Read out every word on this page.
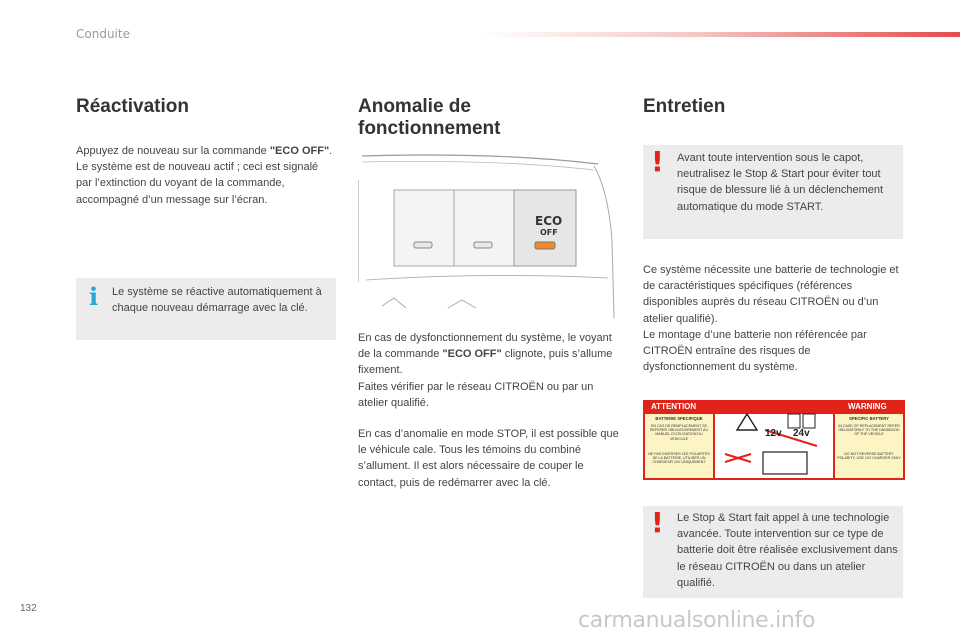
Conduite
Réactivation

Appuyez de nouveau sur la commande "ECO OFF".

Le système est de nouveau actif ; ceci est signalé par l’extinction du voyant de la commande, accompagné d’un message sur l’écran.

i Le système se réactive automatiquement à chaque nouveau démarrage avec la clé.
Anomalie de fonctionnement
ECO
OFF

En cas de dysfonctionnement du système, le voyant de la commande "ECO OFF" clignote, puis s’allume fixement.

Faites vérifier par le réseau CITROËN ou par un atelier qualifié.

En cas d’anomalie en mode STOP, il est possible que le véhicule cale. Tous les témoins du combiné s’allument. Il est alors nécessaire de couper le contact, puis de redémarrer avec la clé.

Entretien
! Avant toute intervention sous le capot, neutralisez le Stop & Start pour éviter tout risque de blessure lié à un déclenchement automatique du mode START.

Ce système nécessite une batterie de technologie et de caractéristiques spécifiques (références disponibles auprès du réseau CITROËN ou d’un atelier qualifié).

Le montage d’une batterie non référencée par CITROËN entraîne des risques de dysfonctionnement du système.

ATTENTION	WARNING
BATTERIE SPECIFIQUE
EN CAS DE REMPLACEMENT SE REFERER OBLIGATOIREMENT AU MANUEL D'UTILISATION DU VEHICULE
NE PAS INVERSER LES POLARITES DE LA BATTERIE, UTILISER UN CHARGEUR 12V UNIQUEMENT
SPECIFIC BATTERY
IN CASE OF REPLACEMENT REFER OBLIGATORILY TO THE HANDBOOK OF THE VEHICLE
DO NOT REVERSE BATTERY POLARITY, USE 12V CHARGER ONLY
12v 24v
! Le Stop & Start fait appel à une technologie avancée. Toute intervention sur ce type de batterie doit être réalisée exclusivement dans le réseau CITROËN ou dans un atelier qualifié.
132	carmanualsonline.info
